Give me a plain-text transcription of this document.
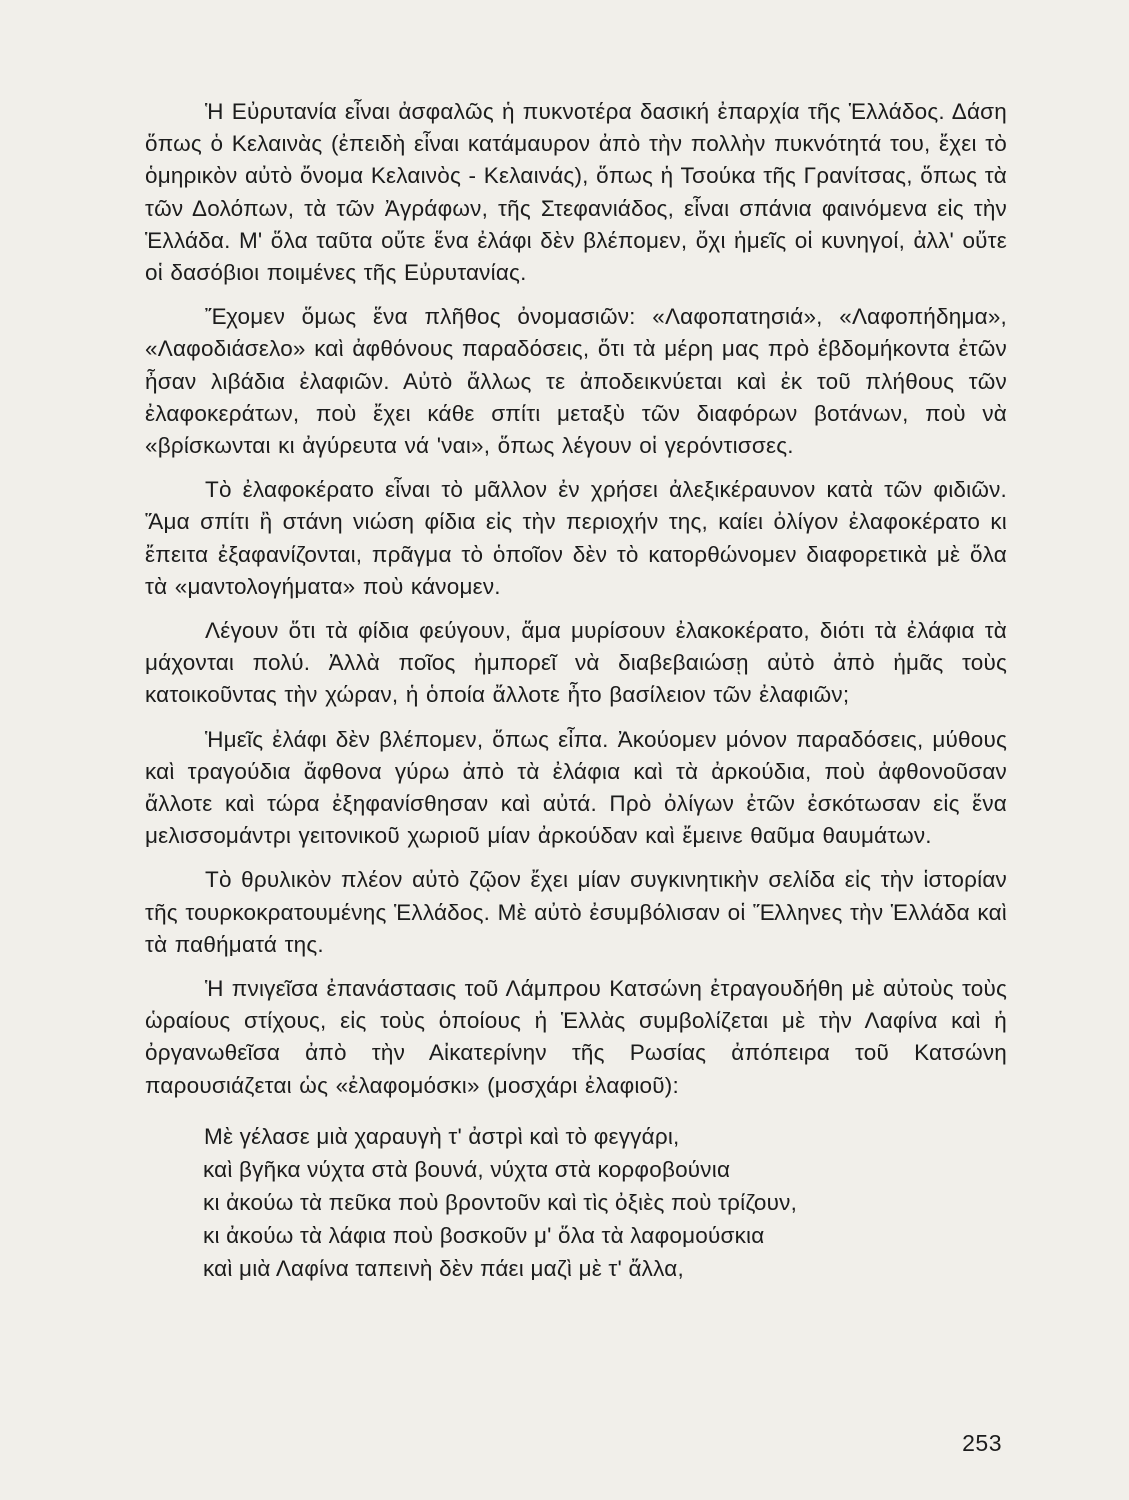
Ἡ Εὐρυτανία εἶναι ἀσφαλῶς ἡ πυκνοτέρα δασική ἐπαρχία τῆς Ἑλλάδος. Δάση ὅπως ὁ Κελαινὰς (ἐπειδὴ εἶναι κατάμαυρον ἀπὸ τὴν πολλὴν πυκνότητά του, ἔχει τὸ ὁμηρικὸν αὐτὸ ὄνομα Κελαινὸς - Κελαινάς), ὅπως ἡ Τσούκα τῆς Γρανίτσας, ὅπως τὰ τῶν Δολόπων, τὰ τῶν Ἀγράφων, τῆς Στεφανιάδος, εἶναι σπάνια φαινόμενα εἰς τὴν Ἑλλάδα. Μ' ὅλα ταῦτα οὔτε ἕνα ἐλάφι δὲν βλέπομεν, ὄχι ἡμεῖς οἱ κυνηγοί, ἀλλ' οὔτε οἱ δασόβιοι ποιμένες τῆς Εὐρυτανίας.

Ἔχομεν ὅμως ἕνα πλῆθος ὀνομασιῶν: «Λαφοπατησιά», «Λαφοπήδημα», «Λαφοδιάσελο» καὶ ἀφθόνους παραδόσεις, ὅτι τὰ μέρη μας πρὸ ἑβδομήκοντα ἐτῶν ἦσαν λιβάδια ἐλαφιῶν. Αὐτὸ ἄλλως τε ἀποδεικνύεται καὶ ἐκ τοῦ πλήθους τῶν ἐλαφοκεράτων, ποὺ ἔχει κάθε σπίτι μεταξὺ τῶν διαφόρων βοτάνων, ποὺ νὰ «βρίσκωνται κι ἀγύρευτα νά 'ναι», ὅπως λέγουν οἱ γερόντισσες.

Τὸ ἐλαφοκέρατο εἶναι τὸ μᾶλλον ἐν χρήσει ἀλεξικέραυνον κατὰ τῶν φιδιῶν. Ἅμα σπίτι ἢ στάνη νιώση φίδια εἰς τὴν περιοχήν της, καίει ὀλίγον ἐλαφοκέρατο κι ἔπειτα ἐξαφανίζονται, πρᾶγμα τὸ ὁποῖον δὲν τὸ κατορθώνομεν διαφορετικὰ μὲ ὅλα τὰ «μαντολογήματα» ποὺ κάνομεν.

Λέγουν ὅτι τὰ φίδια φεύγουν, ἅμα μυρίσουν ἐλακοκέρατο, διότι τὰ ἐλάφια τὰ μάχονται πολύ. Ἀλλὰ ποῖος ἠμπορεῖ νὰ διαβεβαιώσῃ αὐτὸ ἀπὸ ἡμᾶς τοὺς κατοικοῦντας τὴν χώραν, ἡ ὁποία ἄλλοτε ἦτο βασίλειον τῶν ἐλαφιῶν;

Ἡμεῖς ἐλάφι δὲν βλέπομεν, ὅπως εἶπα. Ἀκούομεν μόνον παραδόσεις, μύθους καὶ τραγούδια ἄφθονα γύρω ἀπὸ τὰ ἐλάφια καὶ τὰ ἀρκούδια, ποὺ ἀφθονοῦσαν ἄλλοτε καὶ τώρα ἐξηφανίσθησαν καὶ αὐτά. Πρὸ ὀλίγων ἐτῶν ἐσκότωσαν εἰς ἕνα μελισσομάντρι γειτονικοῦ χωριοῦ μίαν ἀρκούδαν καὶ ἔμεινε θαῦμα θαυμάτων.

Τὸ θρυλικὸν πλέον αὐτὸ ζῷον ἔχει μίαν συγκινητικὴν σελίδα εἰς τὴν ἱστορίαν τῆς τουρκοκρατουμένης Ἑλλάδος. Μὲ αὐτὸ ἐσυμβόλισαν οἱ Ἕλληνες τὴν Ἑλλάδα καὶ τὰ παθήματά της.

Ἡ πνιγεῖσα ἐπανάστασις τοῦ Λάμπρου Κατσώνη ἐτραγουδήθη μὲ αὐτοὺς τοὺς ὡραίους στίχους, εἰς τοὺς ὁποίους ἡ Ἑλλὰς συμβολίζεται μὲ τὴν Λαφίνα καὶ ἡ ὀργανωθεῖσα ἀπὸ τὴν Αἰκατερίνην τῆς Ρωσίας ἀπόπειρα τοῦ Κατσώνη παρουσιάζεται ὡς «ἐλαφομόσκι» (μοσχάρι ἐλαφιοῦ):

Μὲ γέλασε μιὰ χαραυγὴ τ' ἀστρὶ καὶ τὸ φεγγάρι,
καὶ βγῆκα νύχτα στὰ βουνά, νύχτα στὰ κορφοβούνια
κι ἀκούω τὰ πεῦκα ποὺ βροντοῦν καὶ τὶς ὀξιὲς ποὺ τρίζουν,
κι ἀκούω τὰ λάφια ποὺ βοσκοῦν μ' ὅλα τὰ λαφομούσκια
καὶ μιὰ Λαφίνα ταπεινὴ δὲν πάει μαζὶ μὲ τ' ἄλλα,
253
